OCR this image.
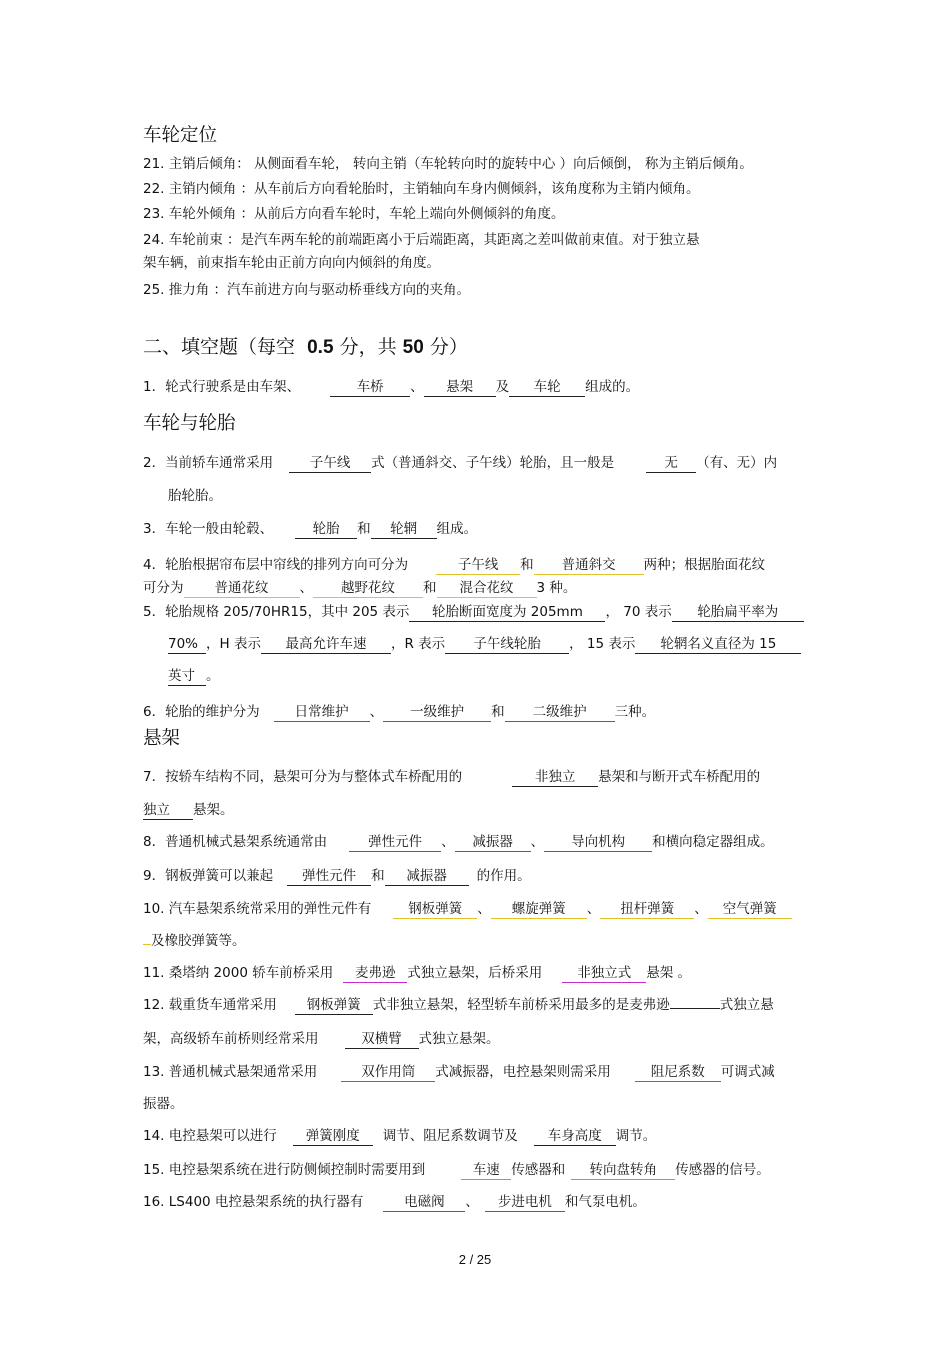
车轮定位
21. 主销后倾角： 从侧面看车轮， 转向主销（车轮转向时的旋转中心 ）向后倾倒， 称为主销后倾角。
22. 主销内倾角 ：从车前后方向看轮胎时，主销轴向车身内侧倾斜，该角度称为主销内倾角。
23. 车轮外倾角 ：从前后方向看车轮时，车轮上端向外侧倾斜的角度。
24. 车轮前束 ：是汽车两车轮的前端距离小于后端距离，其距离之差叫做前束值。对于独立悬
架车辆，前束指车轮由正前方向向内倾斜的角度。
25. 推力角 ：汽车前进方向与驱动桥垂线方向的夹角。
二、填空题（每空 0.5 分，共 50 分）
1．轮式行驶系是由车架、	车桥 、 悬架 及 车轮 组成的。
车轮与轮胎
2．当前轿车通常采用	子午线 式（普通斜交、子午线）轮胎，且一般是	无 （有、无）内
胎轮胎。
3．车轮一般由轮毂、	轮胎 和 轮辋 组成。
4．轮胎根据帘布层中帘线的排列方向可分为	子午线 和 普通斜交 两种；根据胎面花纹
可分为 普通花纹 、 越野花纹 和 混合花纹 3 种。
5．轮胎规格 205/70HR15，其中 205 表示 轮胎断面宽度为 205mm ， 70 表示 轮胎扁平率为
70% ，H 表示 最高允许车速 ，R 表示 子午线轮胎 ， 15 表示 轮辋名义直径为 15
英寸 。
6．轮胎的维护分为	日常维护 、 一级维护 和 二级维护 三种。
悬架
7．按轿车结构不同，悬架可分为与整体式车桥配用的	非独立 悬架和与断开式车桥配用的
独立 悬架。
8．普通机械式悬架系统通常由	弹性元件 、 减振器 、 导向机构 和横向稳定器组成。
9．钢板弹簧可以兼起 弹性元件 和 减振器 的作用。
10. 汽车悬架系统常采用的弹性元件有	钢板弹簧 、 螺旋弹簧 、 扭杆弹簧 、 空气弹簧
及橡胶弹簧等。
11. 桑塔纳 2000 轿车前桥采用 麦弗逊 式独立悬架，后桥采用	非独立式 悬架 。
12. 载重货车通常采用 钢板弹簧 式非独立悬架，轻型轿车前桥采用最多的是麦弗逊	式独立悬
架，高级轿车前桥则经常采用	双横臂 式独立悬架。
13. 普通机械式悬架通常采用	双作用筒 式减振器，电控悬架则需采用	阻尼系数 可调式减
振器。
14. 电控悬架可以进行 弹簧刚度 调节、阻尼系数调节及 车身高度 调节。
15. 电控悬架系统在进行防侧倾控制时需要用到	车速 传感器和 转向盘转角 传感器的信号。
16. LS400 电控悬架系统的执行器有	电磁阀 、 步进电机 和气泵电机。
2 / 25
